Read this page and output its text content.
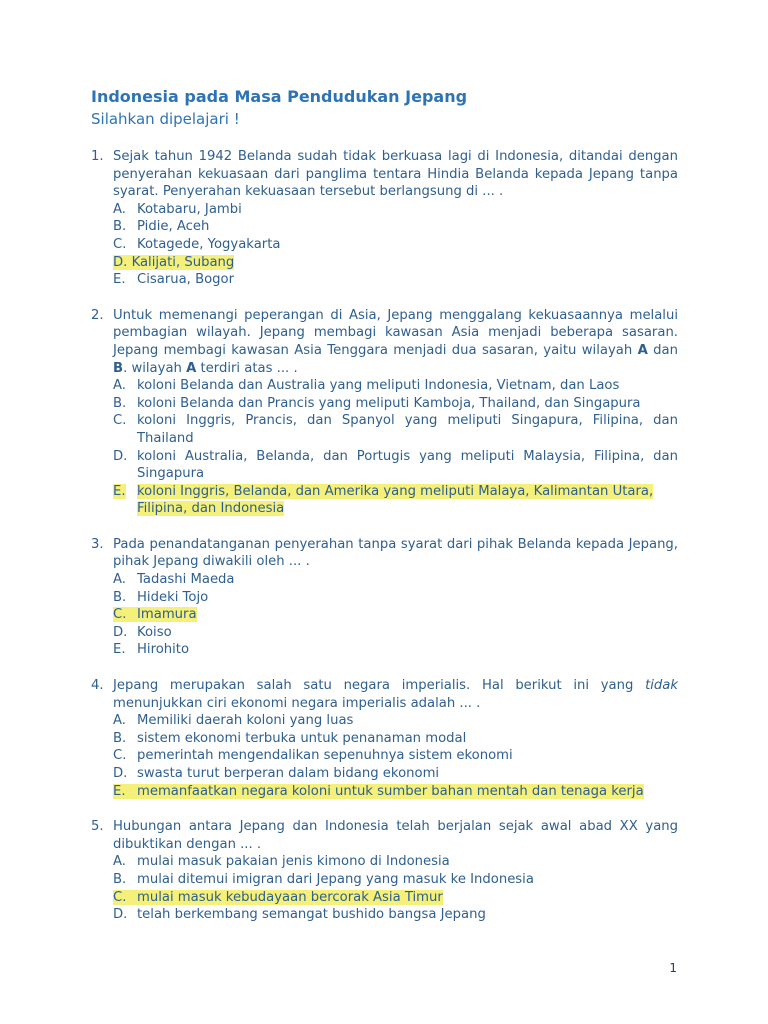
Indonesia pada Masa Pendudukan Jepang

Silahkan dipelajari !

1. Sejak tahun 1942 Belanda sudah tidak berkuasa lagi di Indonesia, ditandai dengan penyerahan kekuasaan dari panglima tentara Hindia Belanda kepada Jepang tanpa syarat. Penyerahan kekuasaan tersebut berlangsung di ... .
A. Kotabaru, Jambi
B. Pidie, Aceh
C. Kotagede, Yogyakarta
D. Kalijati, Subang
E. Cisarua, Bogor
2. Untuk memenangi peperangan di Asia, Jepang menggalang kekuasaannya melalui pembagian wilayah. Jepang membagi kawasan Asia menjadi beberapa sasaran. Jepang membagi kawasan Asia Tenggara menjadi dua sasaran, yaitu wilayah A dan B. wilayah A terdiri atas ... .
A. koloni Belanda dan Australia yang meliputi Indonesia, Vietnam, dan Laos
B. koloni Belanda dan Prancis yang meliputi Kamboja, Thailand, dan Singapura
C. koloni Inggris, Prancis, dan Spanyol yang meliputi Singapura, Filipina, dan Thailand
D. koloni Australia, Belanda, dan Portugis yang meliputi Malaysia, Filipina, dan Singapura
E. koloni Inggris, Belanda, dan Amerika yang meliputi Malaya, Kalimantan Utara, Filipina, dan Indonesia
3. Pada penandatanganan penyerahan tanpa syarat dari pihak Belanda kepada Jepang, pihak Jepang diwakili oleh ... .
A. Tadashi Maeda
B. Hideki Tojo
C. Imamura
D. Koiso
E. Hirohito
4. Jepang merupakan salah satu negara imperialis. Hal berikut ini yang tidak menunjukkan ciri ekonomi negara imperialis adalah ... .
A. Memiliki daerah koloni yang luas
B. sistem ekonomi terbuka untuk penanaman modal
C. pemerintah mengendalikan sepenuhnya sistem ekonomi
D. swasta turut berperan dalam bidang ekonomi
E. memanfaatkan negara koloni untuk sumber bahan mentah dan tenaga kerja
5. Hubungan antara Jepang dan Indonesia telah berjalan sejak awal abad XX yang dibuktikan dengan ... .
A. mulai masuk pakaian jenis kimono di Indonesia
B. mulai ditemui imigran dari Jepang yang masuk ke Indonesia
C. mulai masuk kebudayaan bercorak Asia Timur
D. telah berkembang semangat bushido bangsa Jepang
1
